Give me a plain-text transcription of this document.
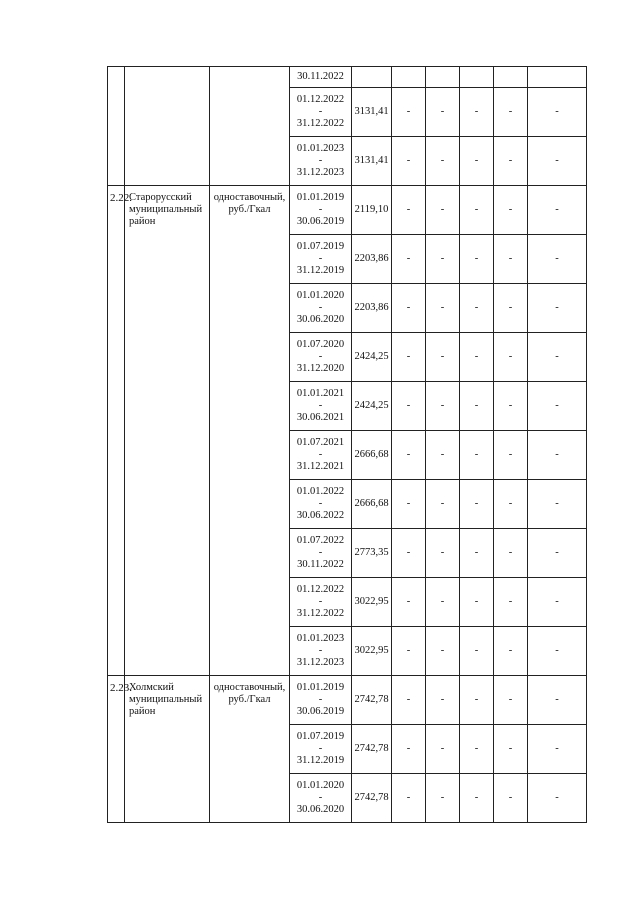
			30.11.2022						

			01.12.2022
-
31.12.2022	3131,41	-	-	-	-	-

			01.01.2023
-
31.12.2023	3131,41	-	-	-	-	-
2.22.	Старорусский муниципальный район	одноставочный, руб./Гкал	01.01.2019
-
30.06.2019	2119,10	-	-	-	-	-

			01.07.2019
-
31.12.2019	2203,86	-	-	-	-	-

			01.01.2020
-
30.06.2020	2203,86	-	-	-	-	-

			01.07.2020
-
31.12.2020	2424,25	-	-	-	-	-

			01.01.2021
-
30.06.2021	2424,25	-	-	-	-	-

			01.07.2021
-
31.12.2021	2666,68	-	-	-	-	-

			01.01.2022
-
30.06.2022	2666,68	-	-	-	-	-

			01.07.2022
-
30.11.2022	2773,35	-	-	-	-	-

			01.12.2022
-
31.12.2022	3022,95	-	-	-	-	-

			01.01.2023
-
31.12.2023	3022,95	-	-	-	-	-
2.23.	Холмский муниципальный район	одноставочный, руб./Гкал	01.01.2019
-
30.06.2019	2742,78	-	-	-	-	-

			01.07.2019
-
31.12.2019	2742,78	-	-	-	-	-

			01.01.2020
-
30.06.2020	2742,78	-	-	-	-	-
